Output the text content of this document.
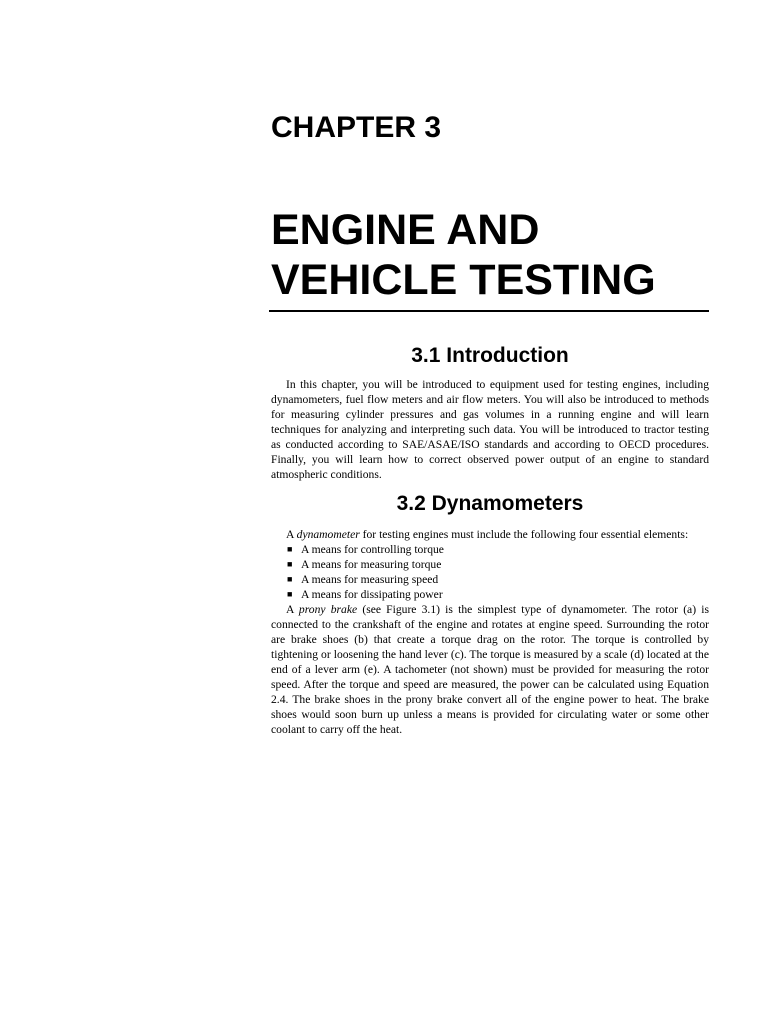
CHAPTER 3
ENGINE AND
VEHICLE TESTING
3.1 Introduction

In this chapter, you will be introduced to equipment used for testing engines, including dynamometers, fuel flow meters and air flow meters. You will also be introduced to methods for measuring cylinder pressures and gas volumes in a running engine and will learn techniques for analyzing and interpreting such data. You will be introduced to tractor testing as conducted according to SAE/ASAE/ISO standards and according to OECD procedures. Finally, you will learn how to correct observed power output of an engine to standard atmospheric conditions.

3.2 Dynamometers

A dynamometer for testing engines must include the following four essential elements:

■ A means for controlling torque
■ A means for measuring torque
■ A means for measuring speed
■ A means for dissipating power

A prony brake (see Figure 3.1) is the simplest type of dynamometer. The rotor (a) is connected to the crankshaft of the engine and rotates at engine speed. Surrounding the rotor are brake shoes (b) that create a torque drag on the rotor. The torque is controlled by tightening or loosening the hand lever (c). The torque is measured by a scale (d) located at the end of a lever arm (e). A tachometer (not shown) must be provided for measuring the rotor speed. After the torque and speed are measured, the power can be calculated using Equation 2.4. The brake shoes in the prony brake convert all of the engine power to heat. The brake shoes would soon burn up unless a means is provided for circulating water or some other coolant to carry off the heat.
